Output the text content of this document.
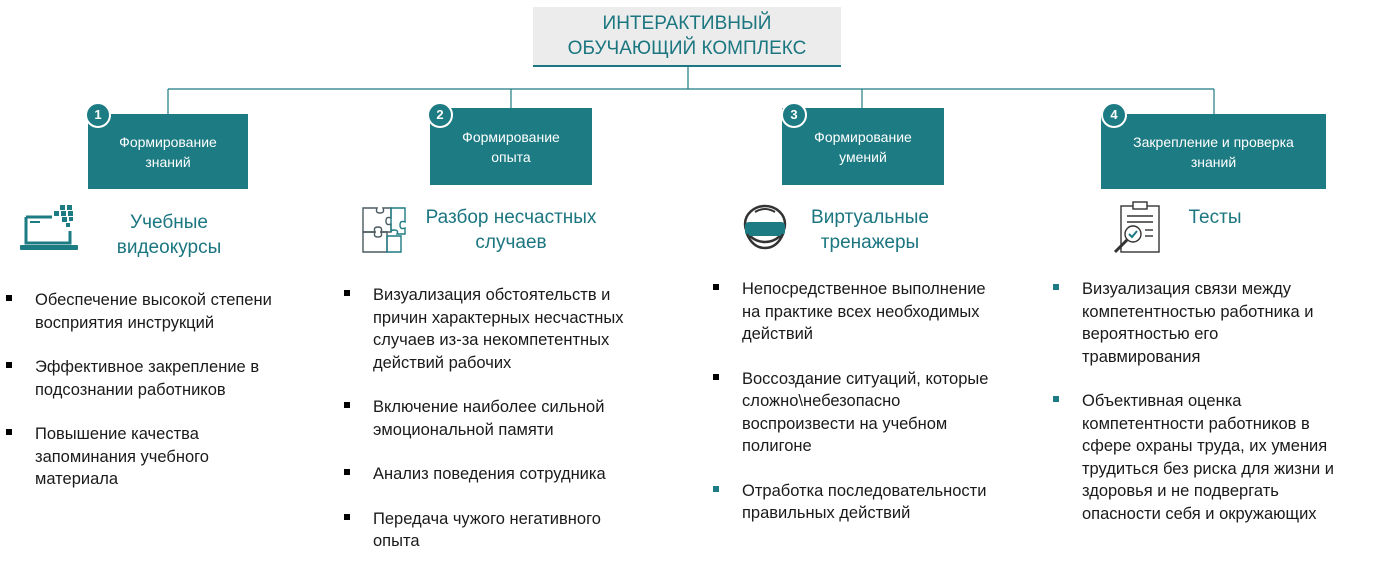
ИНТЕРАКТИВНЫЙ
ОБУЧАЮЩИЙ КОМПЛЕКС
Формирование
знаний
1
Формирование
опыта
2
Формирование
умений
3
Закрепление и проверка
знаний
4
Учебные
видеокурсы
Разбор несчастных
случаев
Виртуальные
тренажеры
Тесты
Обеспечение высокой степени
восприятия инструкций
Эффективное закрепление в
подсознании работников
Повышение качества
запоминания учебного
материала
Визуализация обстоятельств и
причин характерных несчастных
случаев из-за некомпетентных
действий рабочих
Включение наиболее сильной
эмоциональной памяти
Анализ поведения сотрудника
Передача чужого негативного
опыта
Непосредственное выполнение
на практике всех необходимых
действий
Воссоздание ситуаций, которые
сложно\небезопасно
воспроизвести на учебном
полигоне
Отработка последовательности
правильных действий
Визуализация связи между
компетентностью работника и
вероятностью его
травмирования
Объективная оценка
компетентности работников в
сфере охраны труда, их умения
трудиться без риска для жизни и
здоровья и не подвергать
опасности себя и окружающих
